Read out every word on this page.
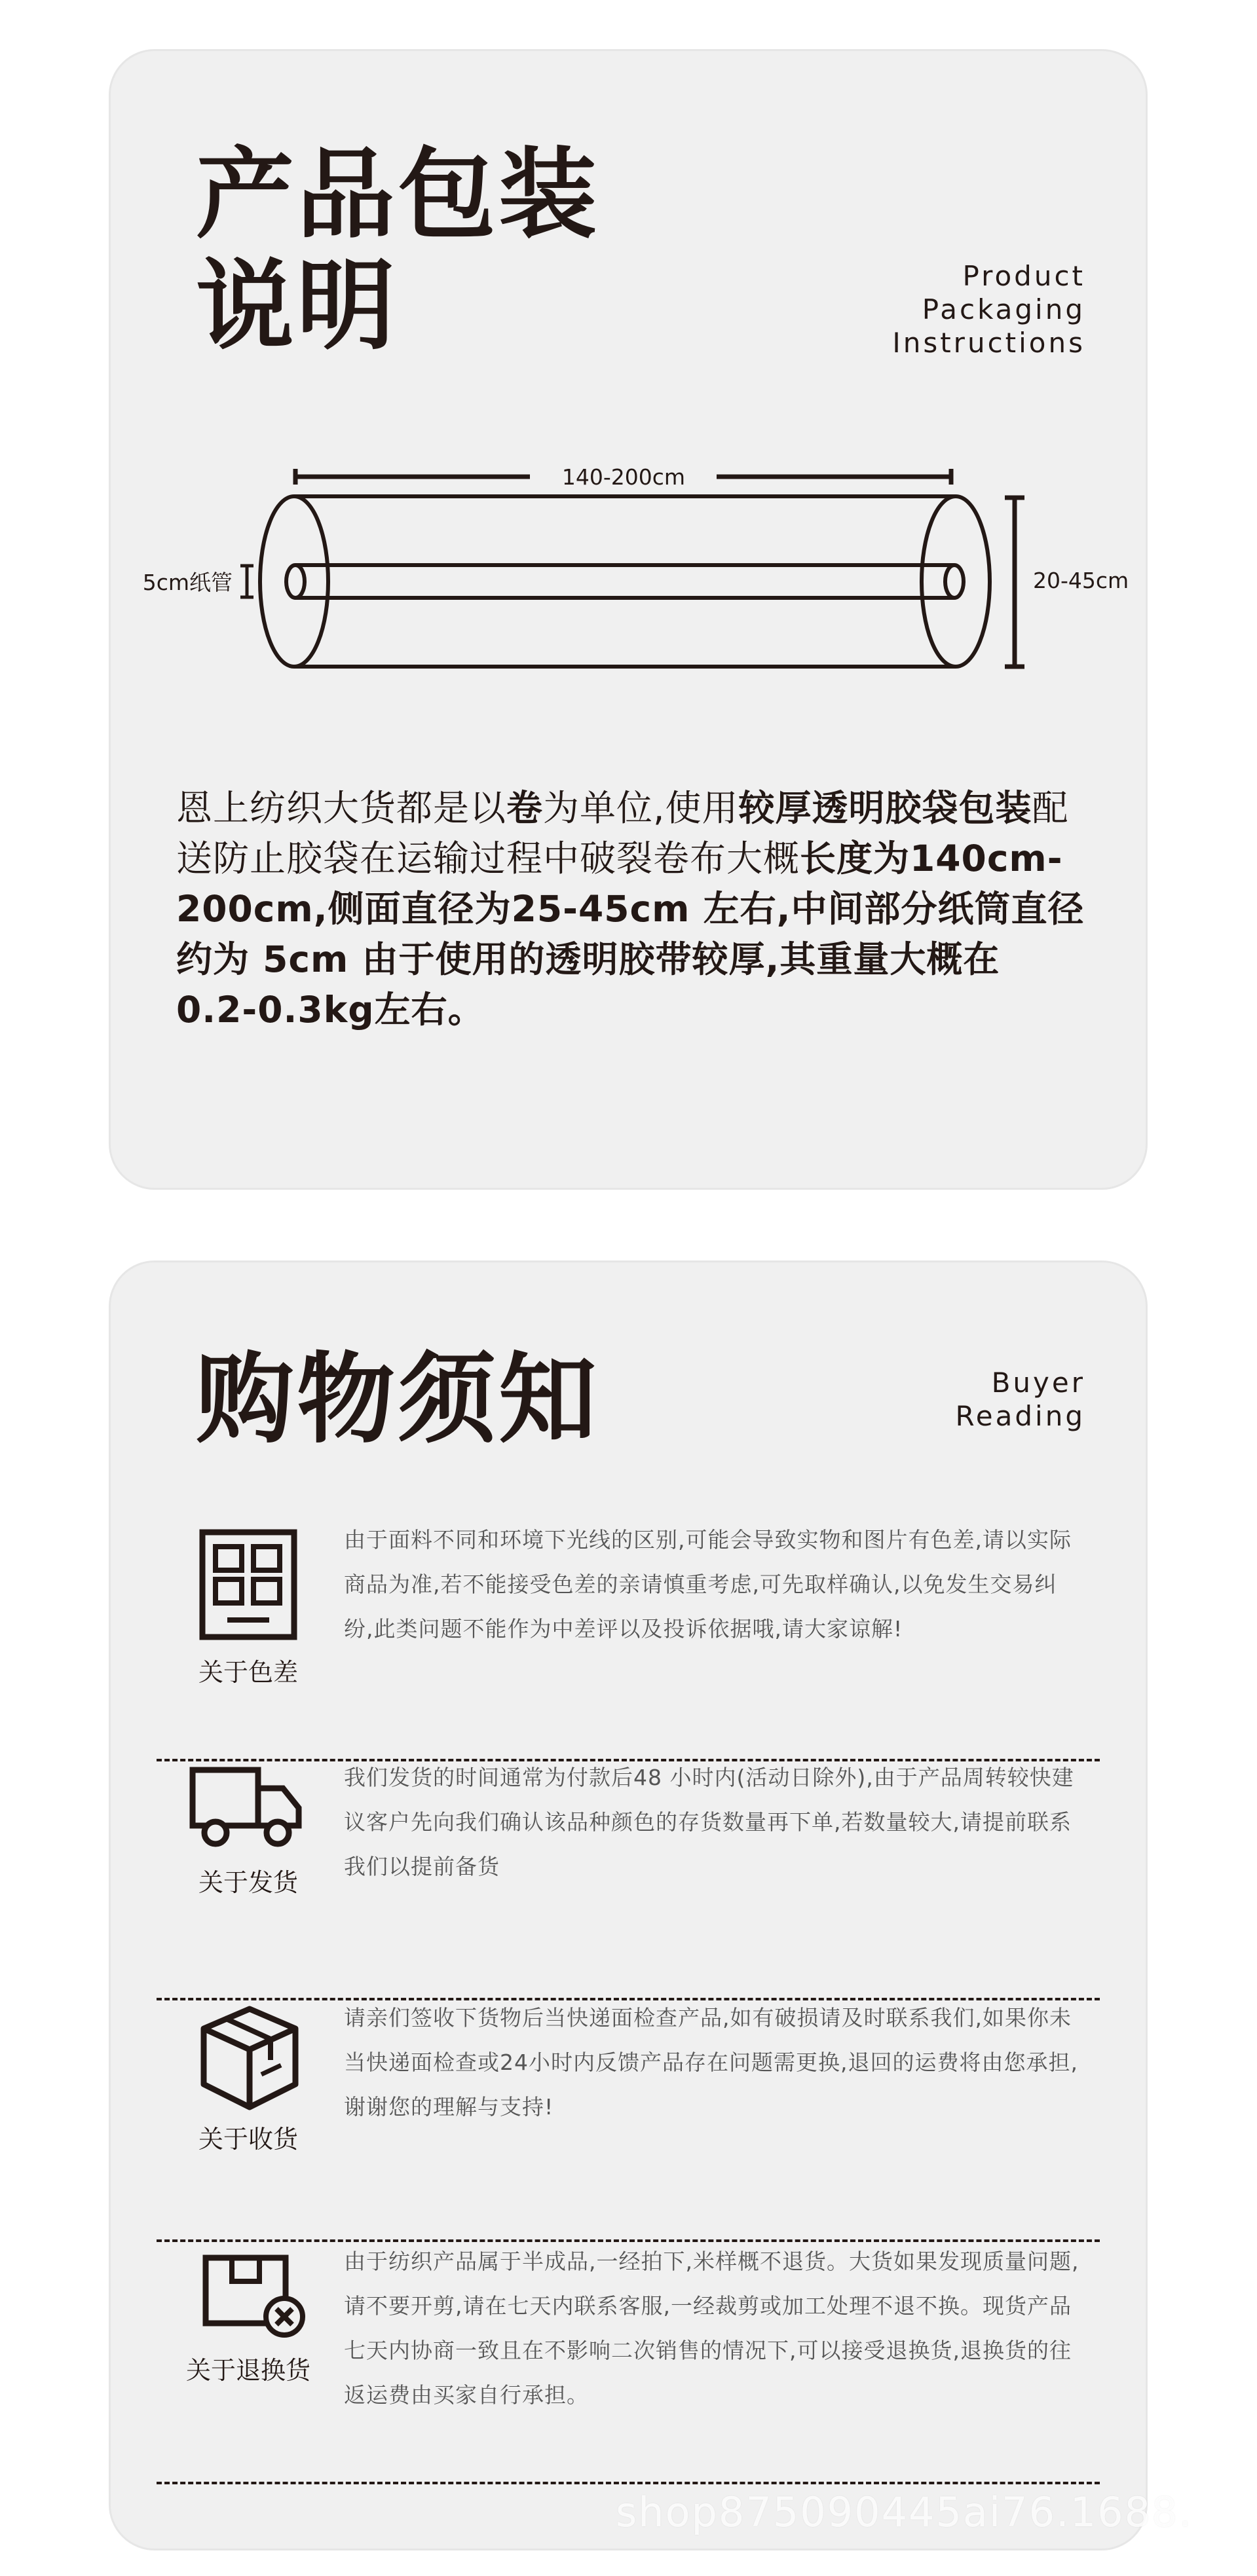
产品包装
说明	Product
Packaging
Instructions
140-200cm
5cm纸管	20-45cm

恩上纺织大货都是以卷为单位,使用较厚透明胶袋包装配送防止胶袋在运输过程中破裂卷布大概长度为140cm-200cm,侧面直径为25-45cm 左右,中间部分纸筒直径约为 5cm 由于使用的透明胶带较厚,其重量大概在 0.2-0.3kg左右。

购物须知	Buyer
Reading
关于色差

由于面料不同和环境下光线的区别,可能会导致实物和图片有色差,请以实际商品为准,若不能接受色差的亲请慎重考虑,可先取样确认,以免发生交易纠纷,此类问题不能作为中差评以及投诉依据哦,请大家谅解!

关于发货

我们发货的时间通常为付款后48 小时内(活动日除外),由于产品周转较快建议客户先向我们确认该品种颜色的存货数量再下单,若数量较大,请提前联系我们以提前备货

关于收货

请亲们签收下货物后当快递面检查产品,如有破损请及时联系我们,如果你未当快递面检查或24小时内反馈产品存在问题需更换,退回的运费将由您承担,谢谢您的理解与支持!

关于退换货

由于纺织产品属于半成品,一经拍下,米样概不退货。大货如果发现质量问题,请不要开剪,请在七天内联系客服,一经裁剪或加工处理不退不换。现货产品七天内协商一致且在不影响二次销售的情况下,可以接受退换货,退换货的往返运费由买家自行承担。

shop875090445ai76.1688.
